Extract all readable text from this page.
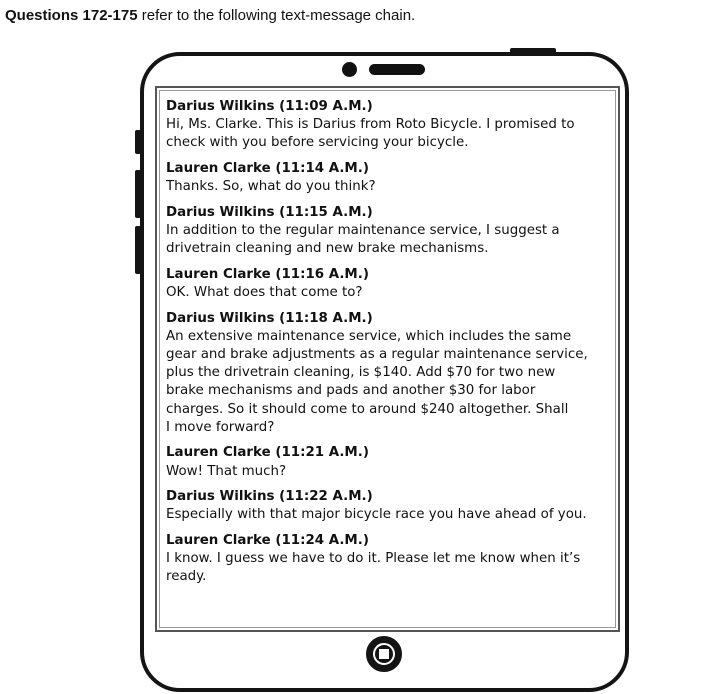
Questions 172-175 refer to the following text-message chain.
Darius Wilkins (11:09 A.M.)
Hi, Ms. Clarke. This is Darius from Roto Bicycle. I promised to
check with you before servicing your bicycle.
Lauren Clarke (11:14 A.M.)
Thanks. So, what do you think?
Darius Wilkins (11:15 A.M.)
In addition to the regular maintenance service, I suggest a
drivetrain cleaning and new brake mechanisms.
Lauren Clarke (11:16 A.M.)
OK. What does that come to?
Darius Wilkins (11:18 A.M.)
An extensive maintenance service, which includes the same
gear and brake adjustments as a regular maintenance service,
plus the drivetrain cleaning, is $140. Add $70 for two new
brake mechanisms and pads and another $30 for labor
charges. So it should come to around $240 altogether. Shall
I move forward?
Lauren Clarke (11:21 A.M.)
Wow! That much?
Darius Wilkins (11:22 A.M.)
Especially with that major bicycle race you have ahead of you.
Lauren Clarke (11:24 A.M.)
I know. I guess we have to do it. Please let me know when it’s
ready.
